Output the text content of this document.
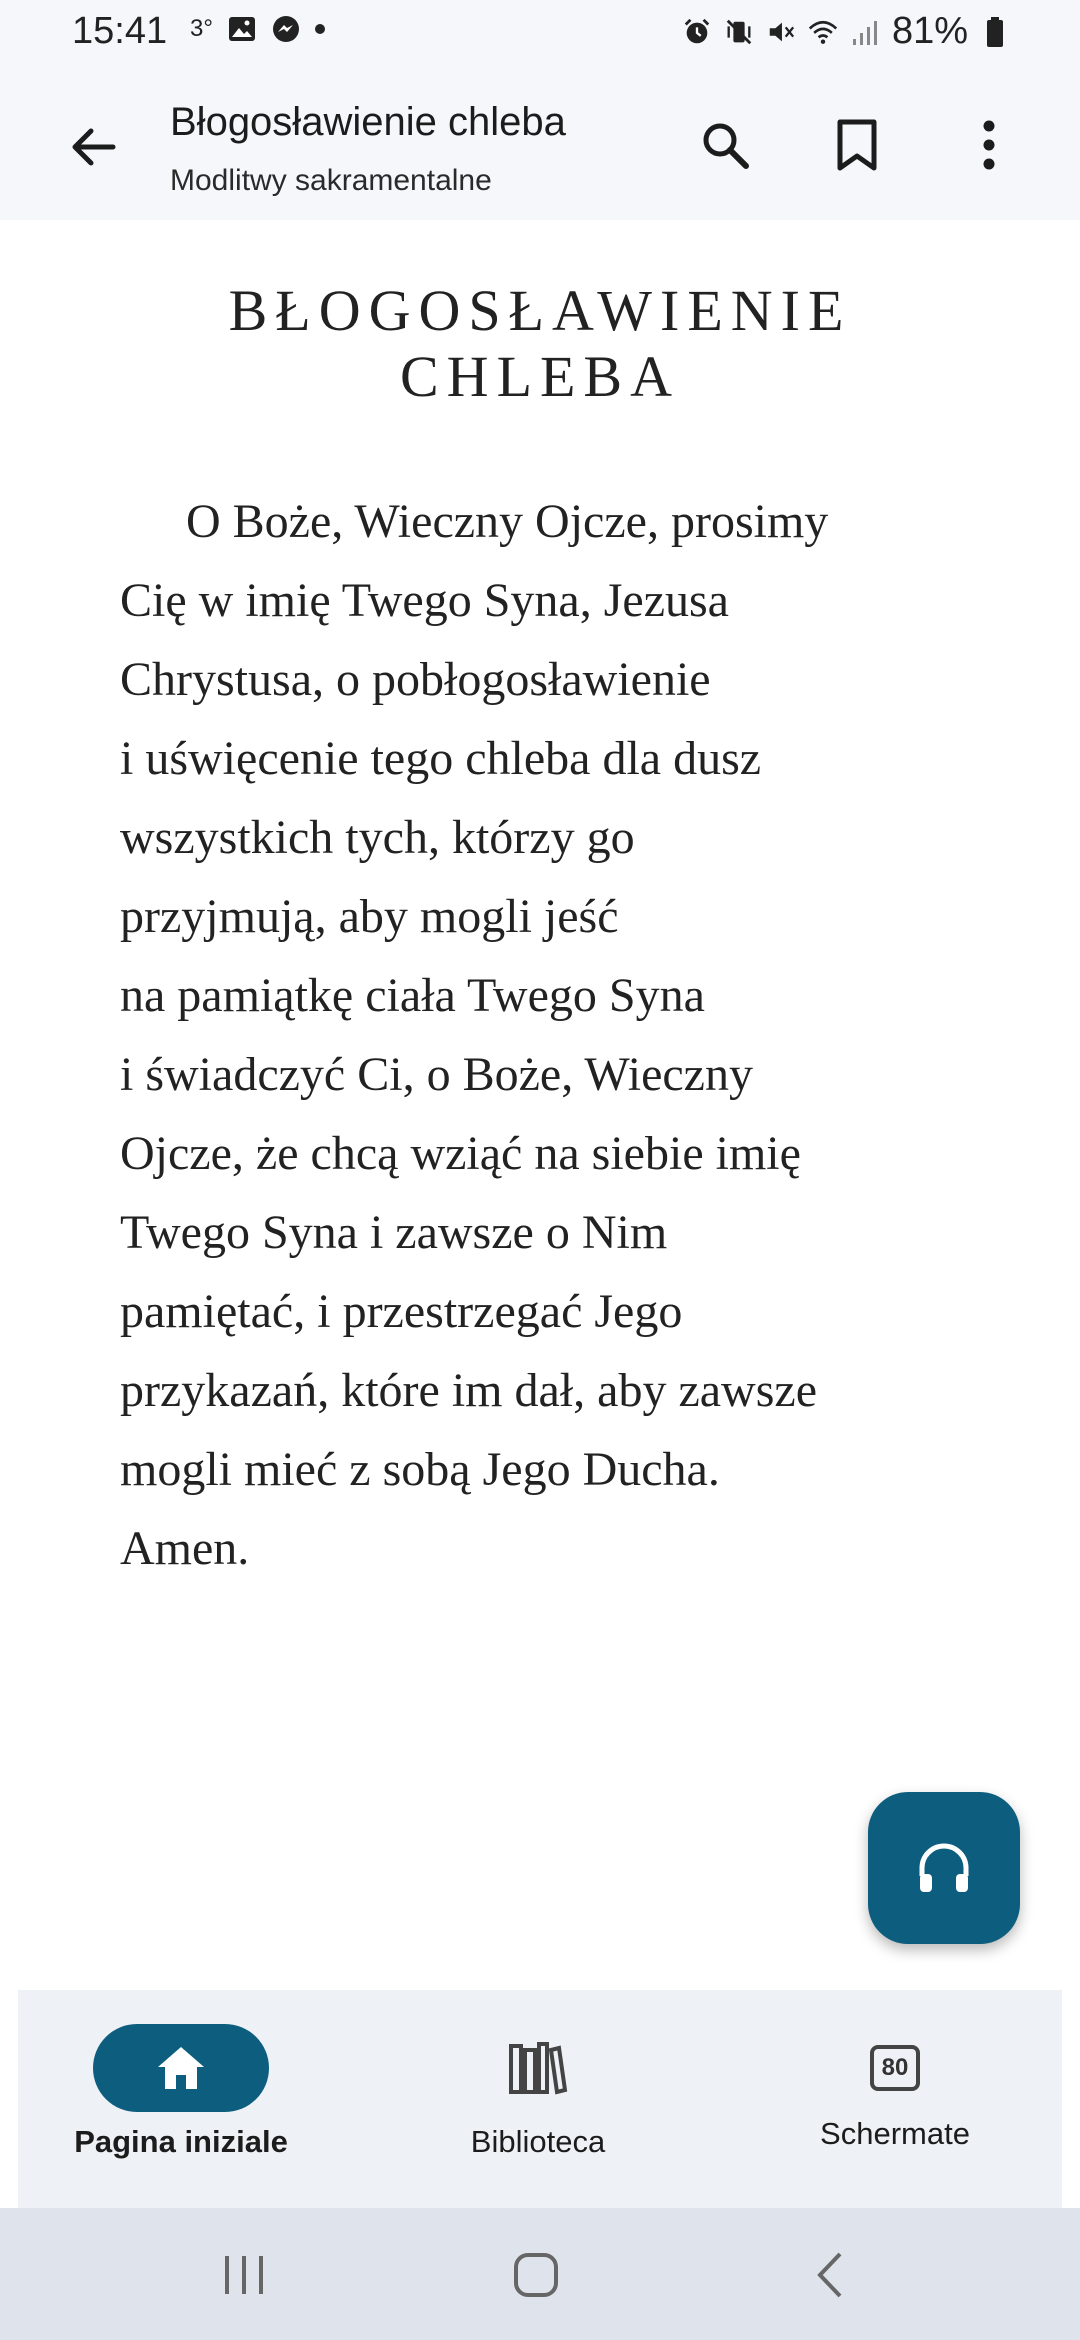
15:41 3°	81%
Błogosławienie chleba
Modlitwy sakramentalne
BŁOGOSŁAWIENIE
CHLEBA
O Boże, Wieczny Ojcze, prosimy
Cię w imię Twego Syna, Jezusa
Chrystusa, o pobłogosławienie
i uświęcenie tego chleba dla dusz
wszystkich tych, którzy go
przyjmują, aby mogli jeść
na pamiątkę ciała Twego Syna
i świadczyć Ci, o Boże, Wieczny
Ojcze, że chcą wziąć na siebie imię
Twego Syna i zawsze o Nim
pamiętać, i przestrzegać Jego
przykazań, które im dał, aby zawsze
mogli mieć z sobą Jego Ducha.
Amen.
Pagina iniziale	Biblioteca
80
Schermate
